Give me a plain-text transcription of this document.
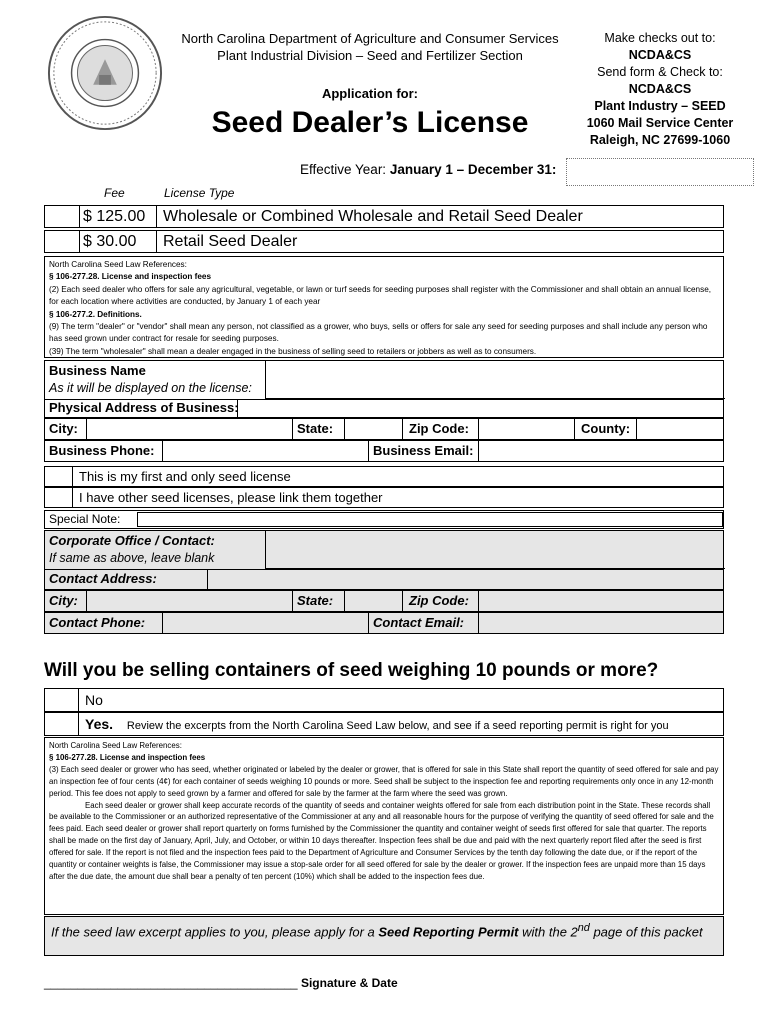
North Carolina Department of Agriculture and Consumer Services
Plant Industrial Division – Seed and Fertilizer Section
Application for:
Seed Dealer’s License
Make checks out to:
NCDA&CS
Send form & Check to:
NCDA&CS
Plant Industry – SEED
1060 Mail Service Center
Raleigh, NC 27699-1060
Effective Year: January 1 – December 31:
Fee	License Type
$ 125.00	Wholesale or Combined Wholesale and Retail Seed Dealer
$ 30.00	Retail Seed Dealer
North Carolina Seed Law References:
§ 106-277.28. License and inspection fees
(2) Each seed dealer who offers for sale any agricultural, vegetable, or lawn or turf seeds for seeding purposes shall register with the Commissioner and shall obtain an annual license, for each location where activities are conducted, by January 1 of each year
§ 106-277.2. Definitions.
(9) The term "dealer" or "vendor" shall mean any person, not classified as a grower, who buys, sells or offers for sale any seed for seeding purposes and shall include any person who has seed grown under contract for resale for seeding purposes.
(39) The term "wholesaler" shall mean a dealer engaged in the business of selling seed to retailers or jobbers as well as to consumers.
Business Name
As it will be displayed on the license:
Physical Address of Business:
City:	State:	Zip Code:	County:
Business Phone:	Business Email:
This is my first and only seed license
I have other seed licenses, please link them together
Special Note:
Corporate Office / Contact:
If same as above, leave blank
Contact Address:
City:	State:	Zip Code:
Contact Phone:	Contact Email:
Will you be selling containers of seed weighing 10 pounds or more?
No
Yes. Review the excerpts from the North Carolina Seed Law below, and see if a seed reporting permit is right for you
North Carolina Seed Law References:
§ 106-277.28. License and inspection fees
(3) Each seed dealer or grower who has seed, whether originated or labeled by the dealer or grower, that is offered for sale in this State shall report the quantity of seed offered for sale and pay an inspection fee of four cents (4¢) for each container of seeds weighing 10 pounds or more. Seed shall be subject to the inspection fee and reporting requirements only once in any 12-month period. This fee does not apply to seed grown by a farmer and offered for sale by the farmer at the farm where the seed was grown.
Each seed dealer or grower shall keep accurate records of the quantity of seeds and container weights offered for sale from each distribution point in the State. These records shall be available to the Commissioner or an authorized representative of the Commissioner at any and all reasonable hours for the purpose of verifying the quantity of seed offered for sale and the fees paid. Each seed dealer or grower shall report quarterly on forms furnished by the Commissioner the quantity and container weight of seeds first offered for sale that quarter. The reports shall be made on the first day of January, April, July, and October, or within 10 days thereafter. Inspection fees shall be due and paid with the next quarterly report filed after the seed is first offered for sale. If the report is not filed and the inspection fees paid to the Department of Agriculture and Consumer Services by the tenth day following the date due, or if the report of the quantity or container weights is false, the Commissioner may issue a stop-sale order for all seed offered for sale by the dealer or grower. If the inspection fees are unpaid more than 15 days after the due date, the amount due shall bear a penalty of ten percent (10%) which shall be added to the inspection fees due.
If the seed law excerpt applies to you, please apply for a Seed Reporting Permit with the 2nd page of this packet
______________________________________ Signature & Date
